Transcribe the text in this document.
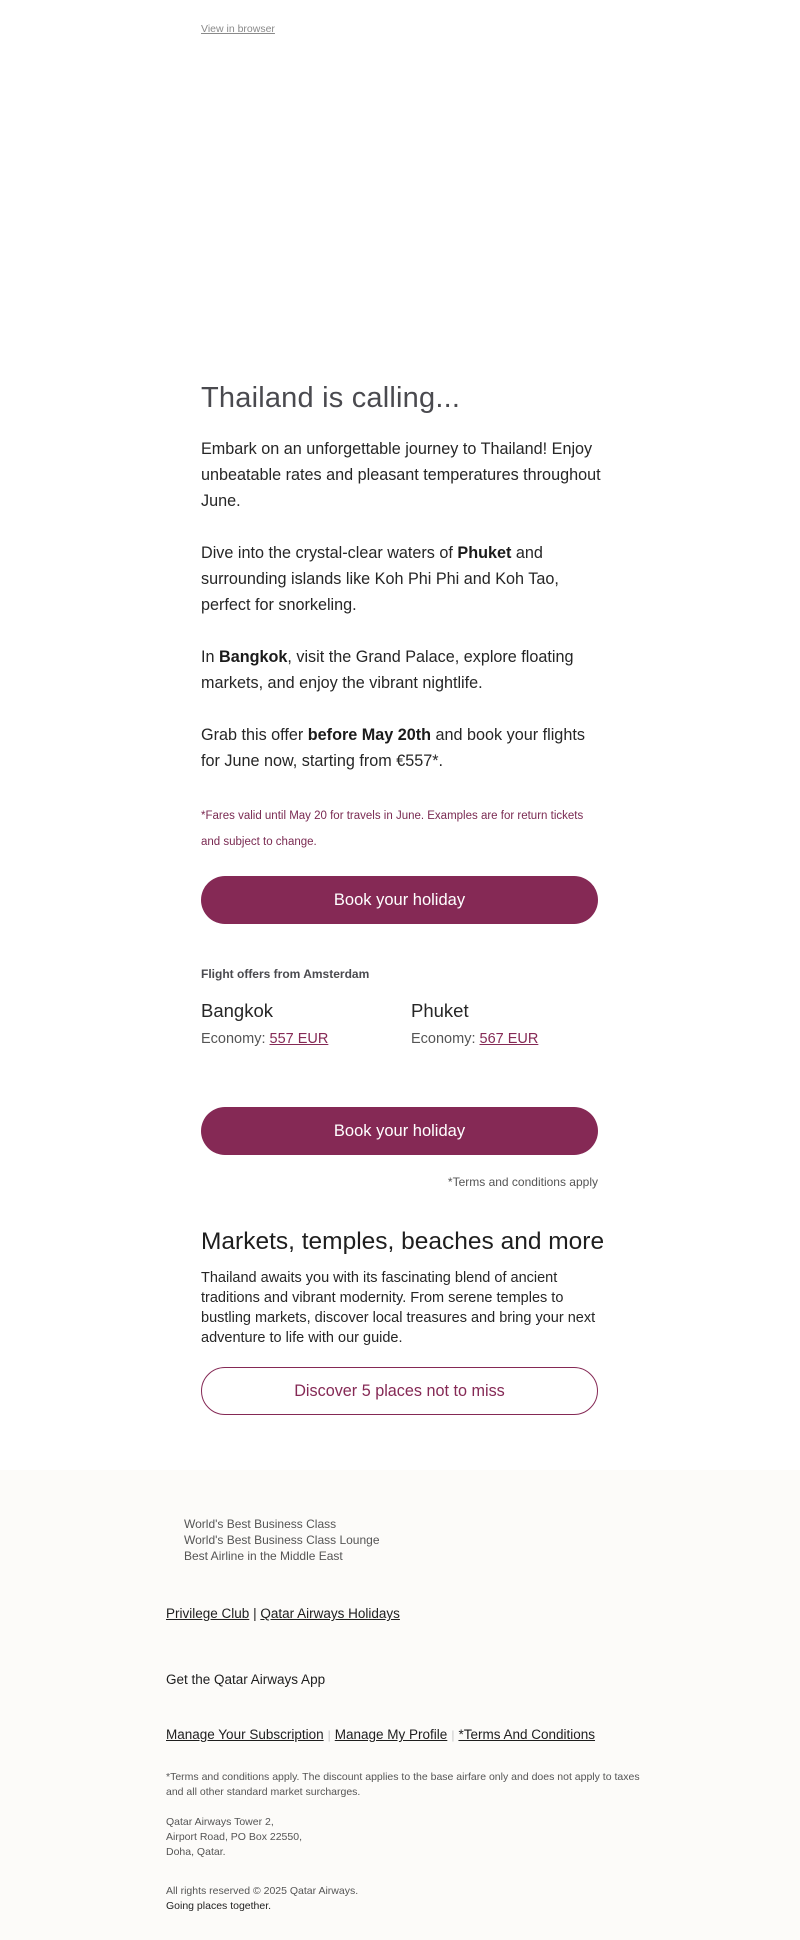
View in browser
Thailand is calling...

Embark on an unforgettable journey to Thailand! Enjoy unbeatable rates and pleasant temperatures throughout June.

Dive into the crystal-clear waters of Phuket and surrounding islands like Koh Phi Phi and Koh Tao, perfect for snorkeling.

In Bangkok, visit the Grand Palace, explore floating markets, and enjoy the vibrant nightlife.

Grab this offer before May 20th and book your flights for June now, starting from €557*.

*Fares valid until May 20 for travels in June. Examples are for return tickets and subject to change.

Book your holiday
Flight offers from Amsterdam
Bangkok
Economy: 557 EUR
Phuket
Economy: 567 EUR
Book your holiday
*Terms and conditions apply
Markets, temples, beaches and more

Thailand awaits you with its fascinating blend of ancient traditions and vibrant modernity. From serene temples to bustling markets, discover local treasures and bring your next adventure to life with our guide.

Discover 5 places not to miss
World's Best Business Class
World's Best Business Class Lounge
Best Airline in the Middle East
Privilege Club | Qatar Airways Holidays
Get the Qatar Airways App
Manage Your Subscription | Manage My Profile | *Terms And Conditions

*Terms and conditions apply. The discount applies to the base airfare only and does not apply to taxes and all other standard market surcharges.

Qatar Airways Tower 2,
Airport Road, PO Box 22550,
Doha, Qatar.

All rights reserved © 2025 Qatar Airways.
Going places together.
